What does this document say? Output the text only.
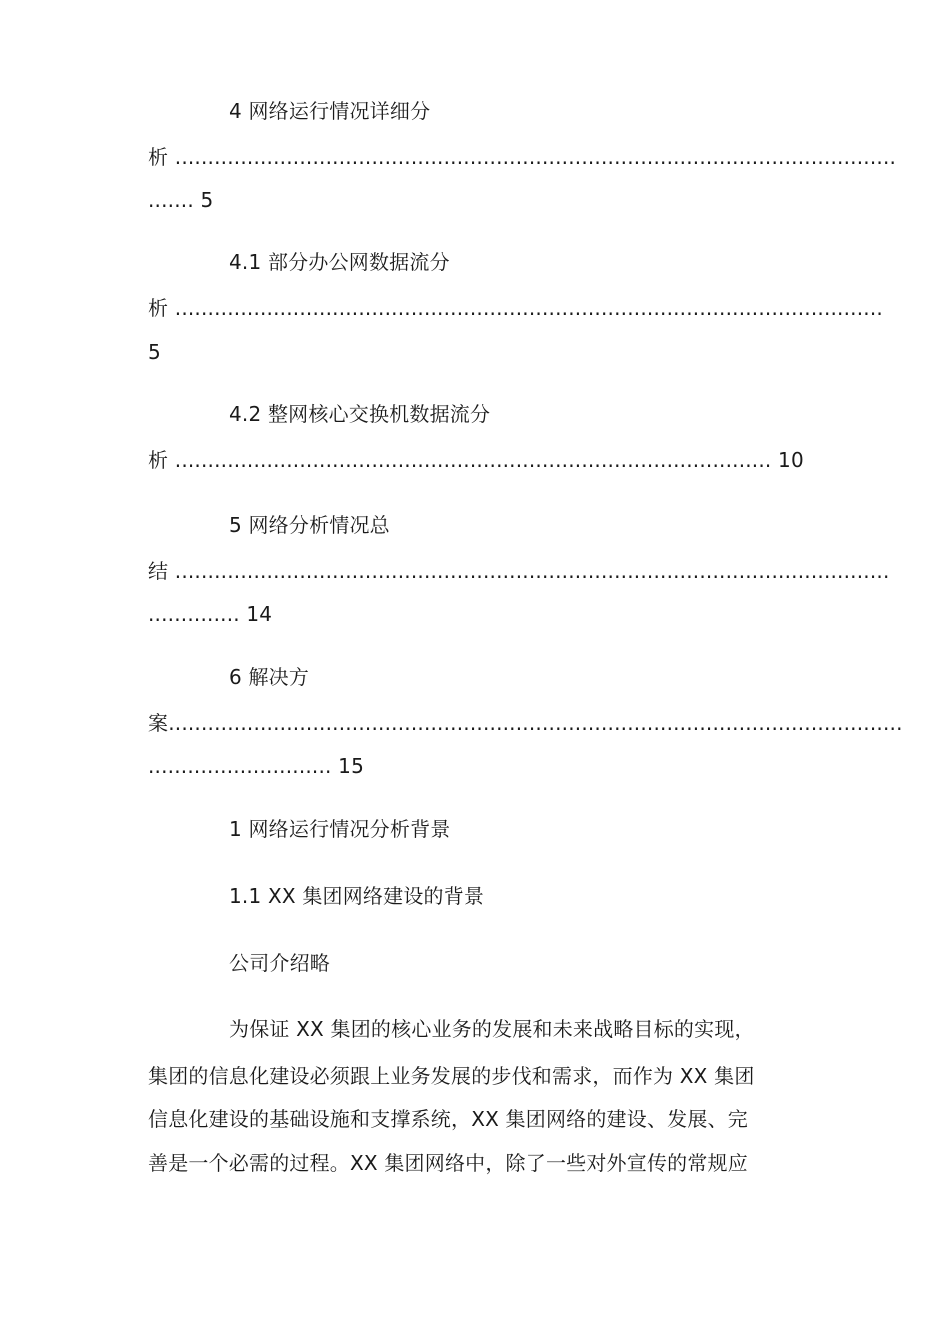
4 网络运行情况详细分
析 ..............................................................................................................
....... 5
4.1 部分办公网数据流分
析 ............................................................................................................
5
4.2 整网核心交换机数据流分
析 ........................................................................................... 10
5 网络分析情况总
结 .............................................................................................................
.............. 14
6 解决方
案................................................................................................................
............................ 15
1 网络运行情况分析背景
1.1 XX 集团网络建设的背景
公司介绍略
为保证 XX 集团的核心业务的发展和未来战略目标的实现，
集团的信息化建设必须跟上业务发展的步伐和需求，而作为 XX 集团
信息化建设的基础设施和支撑系统，XX 集团网络的建设、发展、完
善是一个必需的过程。XX 集团网络中，除了一些对外宣传的常规应
